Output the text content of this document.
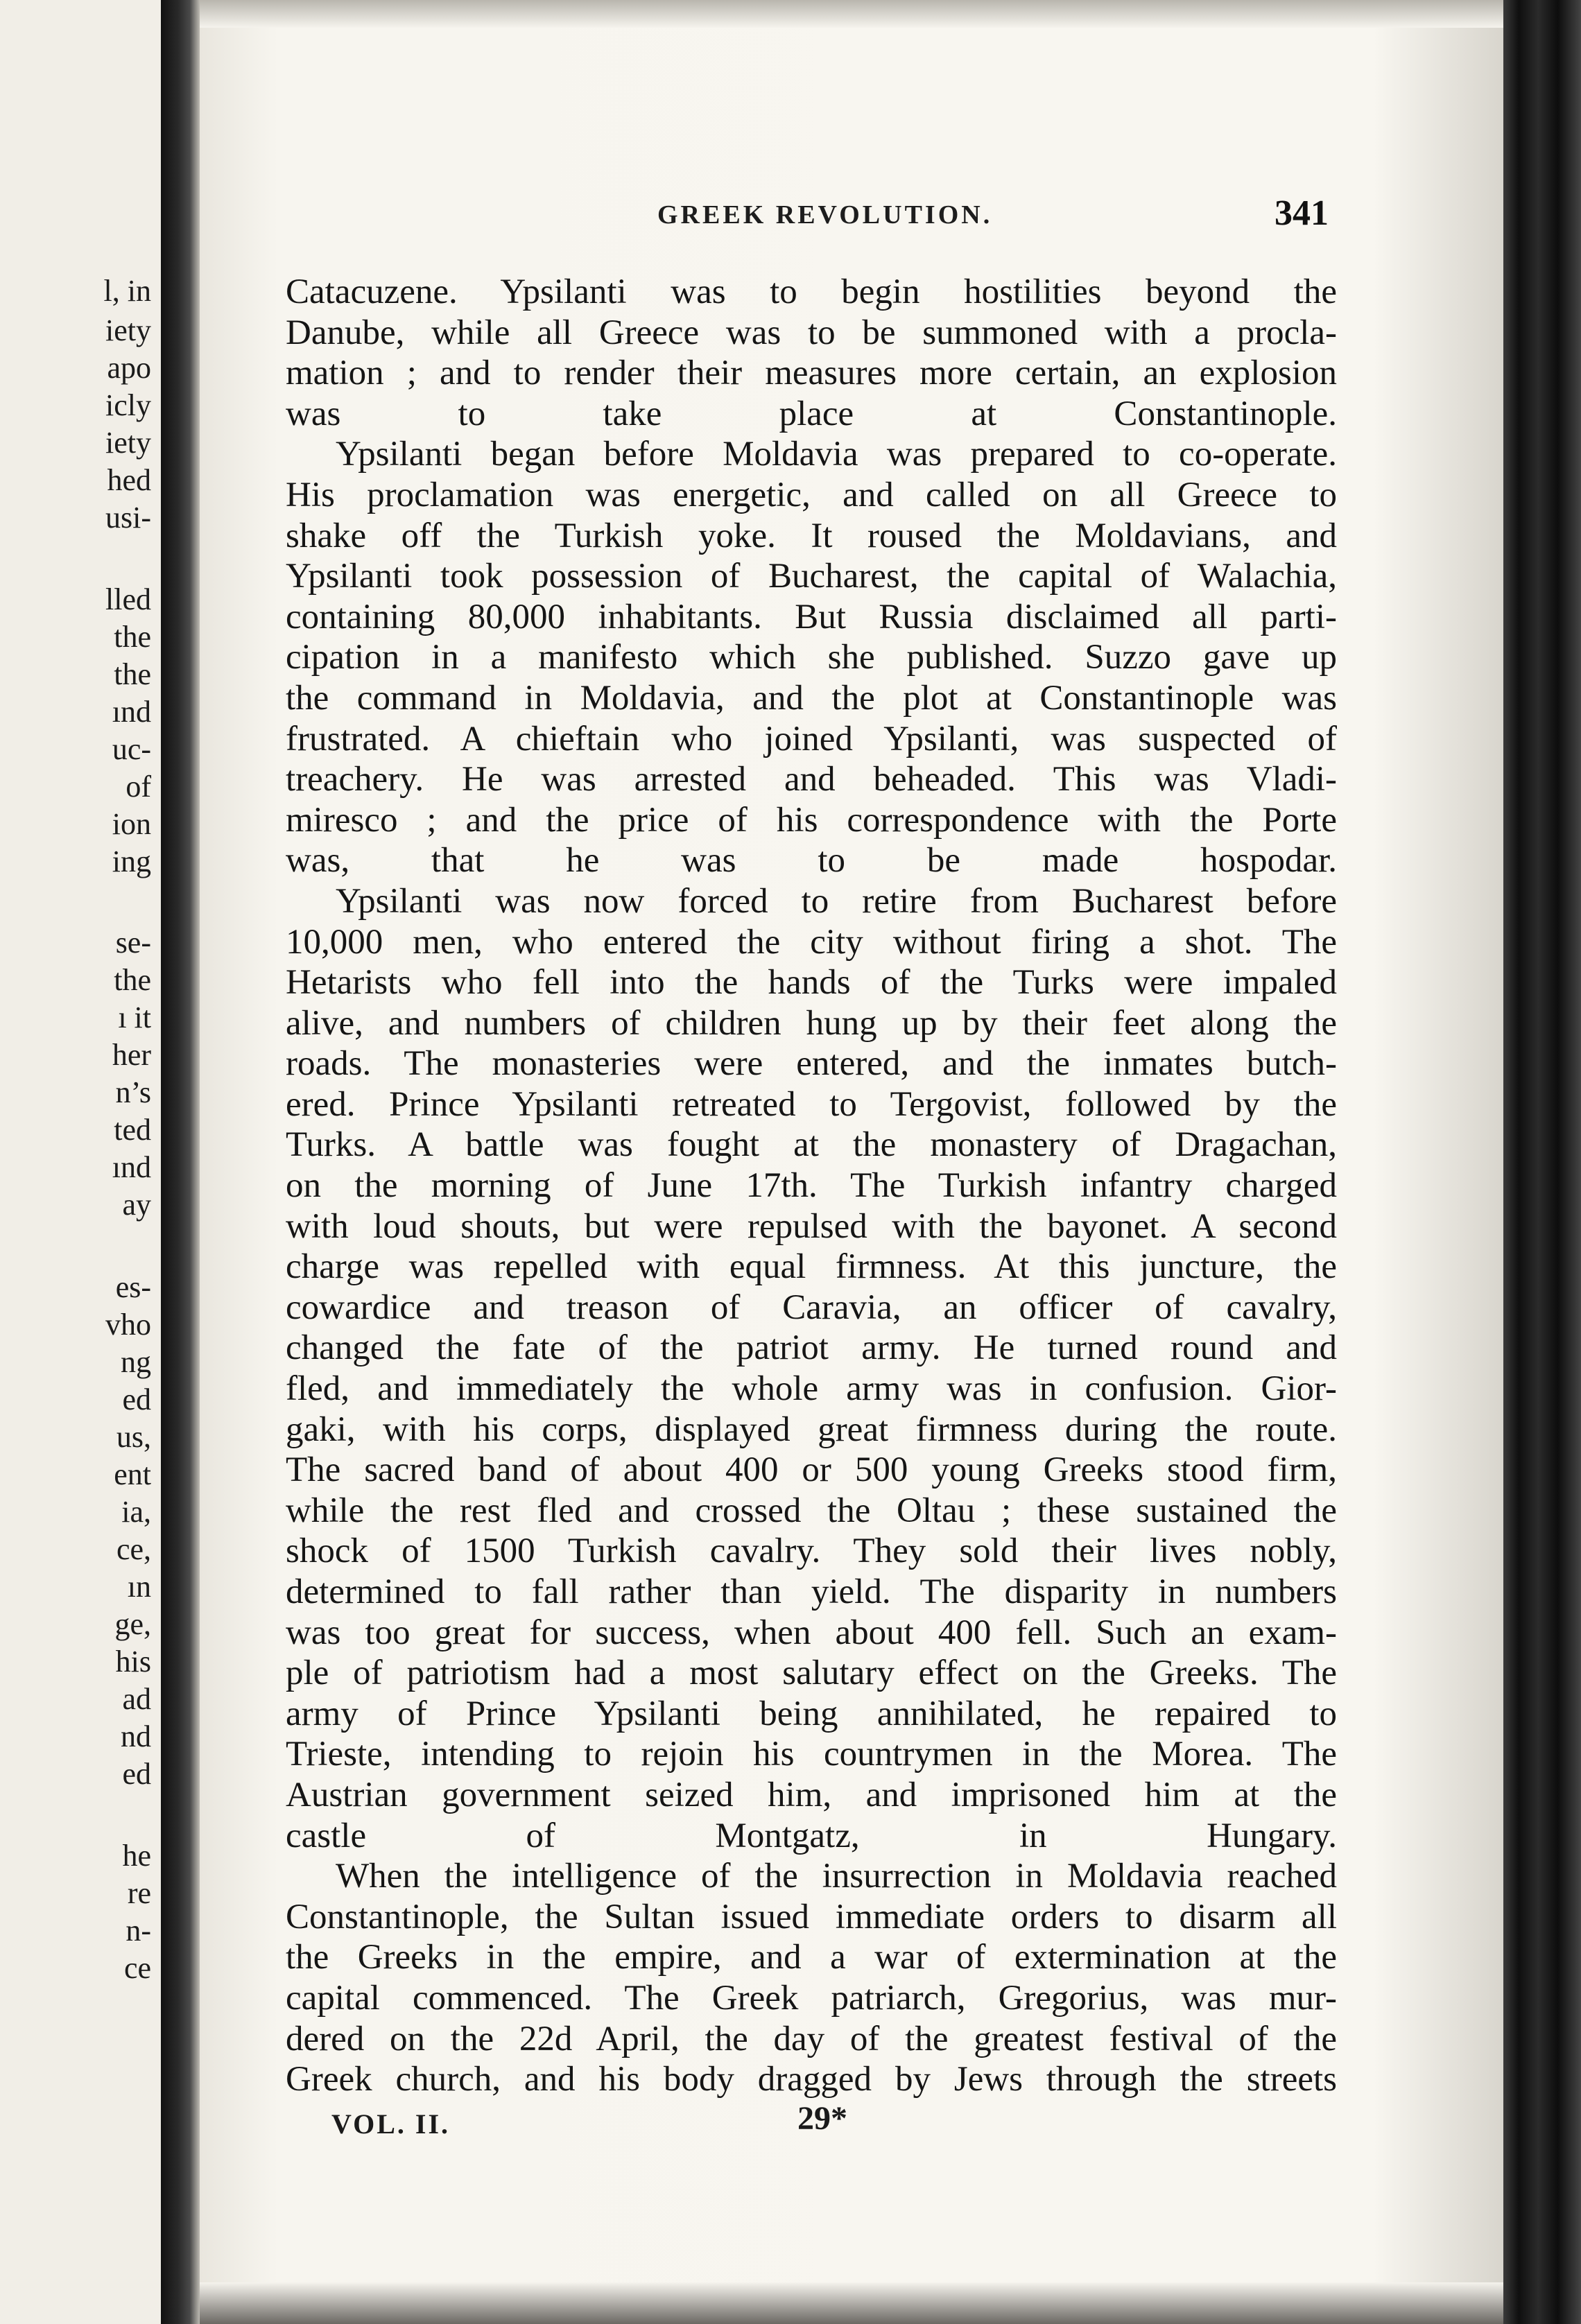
l, in
iety
apo
icly
iety
hed
usi-
lled
the
the
ınd
uc-
of
ion
ing
se-
the
ı it
her
n’s
ted
ınd
ay
es-
vho
ng
ed
us,
ent
ia,
ce,
ın
ge,
his
ad
nd
ed
he
re
n-
ce
GREEK REVOLUTION.	341

Catacuzene. Ypsilanti was to begin hostilities beyond the
Danube, while all Greece was to be summoned with a procla-
mation ; and to render their measures more certain, an explosion
was to take place at Constantinople.

Ypsilanti began before Moldavia was prepared to co-operate.
His proclamation was energetic, and called on all Greece to
shake off the Turkish yoke. It roused the Moldavians, and
Ypsilanti took possession of Bucharest, the capital of Walachia,
containing 80,000 inhabitants. But Russia disclaimed all parti-
cipation in a manifesto which she published. Suzzo gave up
the command in Moldavia, and the plot at Constantinople was
frustrated. A chieftain who joined Ypsilanti, was suspected of
treachery. He was arrested and beheaded. This was Vladi-
miresco ; and the price of his correspondence with the Porte
was, that he was to be made hospodar.

Ypsilanti was now forced to retire from Bucharest before
10,000 men, who entered the city without firing a shot. The
Hetarists who fell into the hands of the Turks were impaled
alive, and numbers of children hung up by their feet along the
roads. The monasteries were entered, and the inmates butch-
ered. Prince Ypsilanti retreated to Tergovist, followed by the
Turks. A battle was fought at the monastery of Dragachan,
on the morning of June 17th. The Turkish infantry charged
with loud shouts, but were repulsed with the bayonet. A second
charge was repelled with equal firmness. At this juncture, the
cowardice and treason of Caravia, an officer of cavalry,
changed the fate of the patriot army. He turned round and
fled, and immediately the whole army was in confusion. Gior-
gaki, with his corps, displayed great firmness during the route.
The sacred band of about 400 or 500 young Greeks stood firm,
while the rest fled and crossed the Oltau ; these sustained the
shock of 1500 Turkish cavalry. They sold their lives nobly,
determined to fall rather than yield. The disparity in numbers
was too great for success, when about 400 fell. Such an exam-
ple of patriotism had a most salutary effect on the Greeks. The
army of Prince Ypsilanti being annihilated, he repaired to
Trieste, intending to rejoin his countrymen in the Morea. The
Austrian government seized him, and imprisoned him at the
castle of Montgatz, in Hungary.

When the intelligence of the insurrection in Moldavia reached
Constantinople, the Sultan issued immediate orders to disarm all
the Greeks in the empire, and a war of extermination at the
capital commenced. The Greek patriarch, Gregorius, was mur-
dered on the 22d April, the day of the greatest festival of the
Greek church, and his body dragged by Jews through the streets

VOL. II.	29*
